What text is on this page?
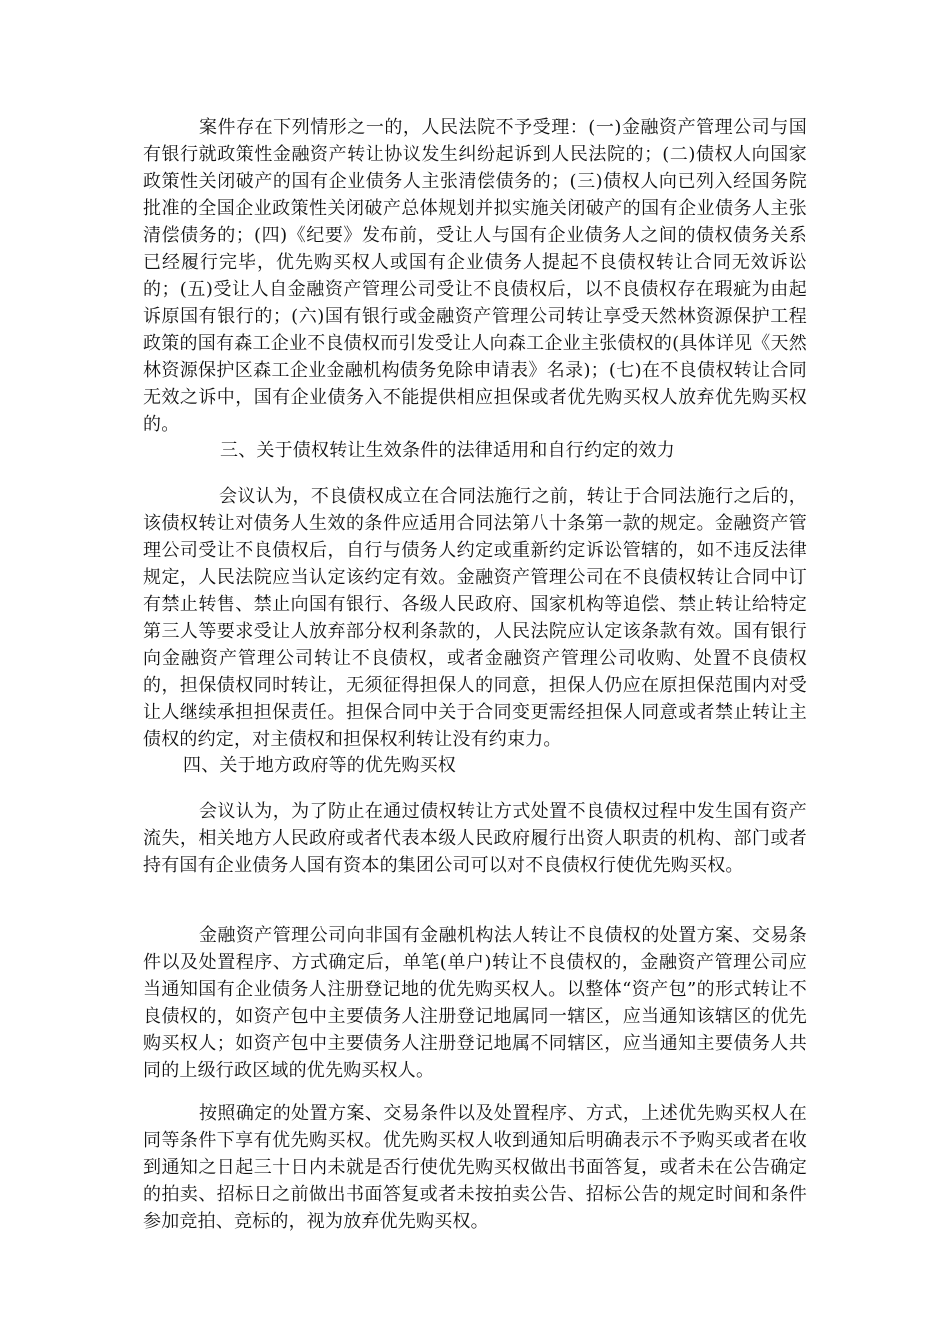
案件存在下列情形之一的，人民法院不予受理：(一)金融资产管理公司与国有银行就政策性金融资产转让协议发生纠纷起诉到人民法院的；(二)债权人向国家政策性关闭破产的国有企业债务人主张清偿债务的；(三)债权人向已列入经国务院批准的全国企业政策性关闭破产总体规划并拟实施关闭破产的国有企业债务人主张清偿债务的；(四)《纪要》发布前，受让人与国有企业债务人之间的债权债务关系已经履行完毕，优先购买权人或国有企业债务人提起不良债权转让合同无效诉讼的；(五)受让人自金融资产管理公司受让不良债权后，以不良债权存在瑕疵为由起诉原国有银行的；(六)国有银行或金融资产管理公司转让享受天然林资源保护工程政策的国有森工企业不良债权而引发受让人向森工企业主张债权的(具体详见《天然林资源保护区森工企业金融机构债务免除申请表》名录)；(七)在不良债权转让合同无效之诉中，国有企业债务入不能提供相应担保或者优先购买权人放弃优先购买权的。

三、关于债权转让生效条件的法律适用和自行约定的效力

会议认为，不良债权成立在合同法施行之前，转让于合同法施行之后的，该债权转让对债务人生效的条件应适用合同法第八十条第一款的规定。金融资产管理公司受让不良债权后，自行与债务人约定或重新约定诉讼管辖的，如不违反法律规定，人民法院应当认定该约定有效。金融资产管理公司在不良债权转让合同中订有禁止转售、禁止向国有银行、各级人民政府、国家机构等追偿、禁止转让给特定第三人等要求受让人放弃部分权利条款的，人民法院应认定该条款有效。国有银行向金融资产管理公司转让不良债权，或者金融资产管理公司收购、处置不良债权的，担保债权同时转让，无须征得担保人的同意，担保人仍应在原担保范围内对受让人继续承担担保责任。担保合同中关于合同变更需经担保人同意或者禁止转让主债权的约定，对主债权和担保权利转让没有约束力。

四、关于地方政府等的优先购买权

会议认为，为了防止在通过债权转让方式处置不良债权过程中发生国有资产流失，相关地方人民政府或者代表本级人民政府履行出资人职责的机构、部门或者持有国有企业债务人国有资本的集团公司可以对不良债权行使优先购买权。

金融资产管理公司向非国有金融机构法人转让不良债权的处置方案、交易条件以及处置程序、方式确定后，单笔(单户)转让不良债权的，金融资产管理公司应当通知国有企业债务人注册登记地的优先购买权人。以整体“资产包”的形式转让不良债权的，如资产包中主要债务人注册登记地属同一辖区，应当通知该辖区的优先购买权人；如资产包中主要债务人注册登记地属不同辖区，应当通知主要债务人共同的上级行政区域的优先购买权人。

按照确定的处置方案、交易条件以及处置程序、方式，上述优先购买权人在同等条件下享有优先购买权。优先购买权人收到通知后明确表示不予购买或者在收到通知之日起三十日内未就是否行使优先购买权做出书面答复，或者未在公告确定的拍卖、招标日之前做出书面答复或者未按拍卖公告、招标公告的规定时间和条件参加竞拍、竞标的，视为放弃优先购买权。
